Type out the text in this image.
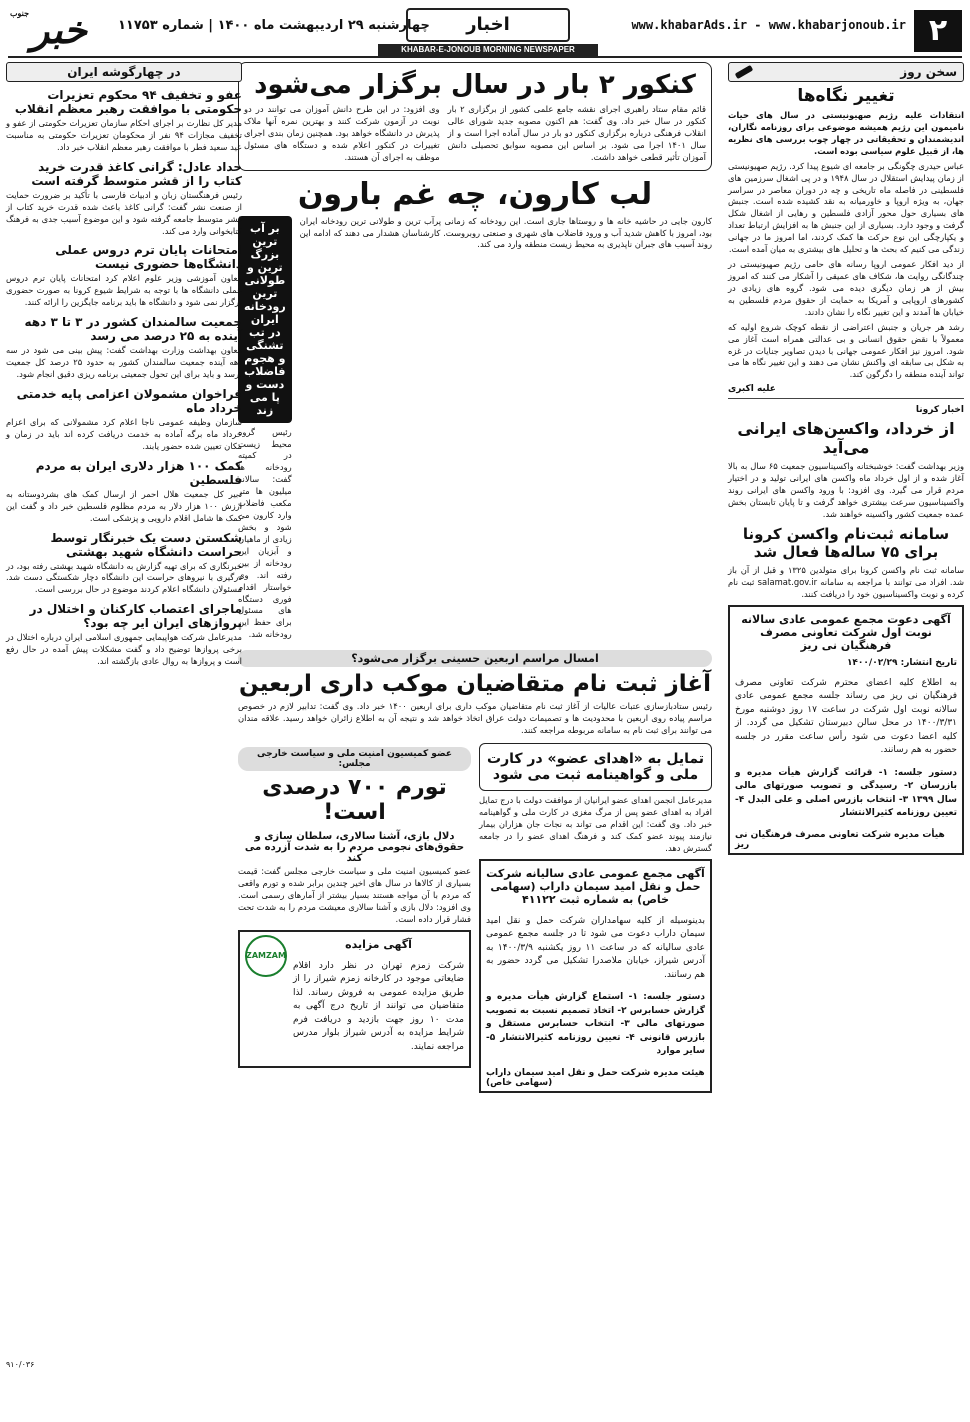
۲
www.khabarAds.ir - www.khabarjonoub.ir
اخبار
KHABAR-E-JONOUB MORNING NEWSPAPER
چهارشنبه ۲۹ اردیبهشت ماه ۱۴۰۰ | شماره ۱۱۷۵۳
خبر
جنوب
سخن روز
تغییر نگاه‌ها

انتقادات علیه رژیم صهیونیستی در سال های حیات نامیمون این رژیم همیشه موضوعی برای روزنامه نگاران، اندیشمندان و تحقیقاتی در چهار چوب بررسی های نظریه ها، از قبیل علوم سیاسی بوده است.

عباس حیدری چگونگی بر جامعه ای شیوع پیدا کرد. رژیم صهیونیستی از زمان پیدایش استقلال در سال ۱۹۴۸ و در پی اشغال سرزمین های فلسطینی در فاصله ماه تاریخی و چه در دوران معاصر در سراسر جهان، به ویژه اروپا و خاورمیانه به نقد کشیده شده است. جنبش های بسیاری حول محور آزادی فلسطین و رهایی از اشغال شکل گرفت و وجود دارد. بسیاری از این جنبش ها به افزایش ارتباط تعداد و یکپارچگی این نوع حرکت ها کمک کردند، اما امروز ما در جهانی زندگی می کنیم که بحث ها و تحلیل های بیشتری به میان آمده است.

از دید افکار عمومی اروپا رسانه های حامی رژیم صهیونیستی در چندگانگی روایت ها، شکاف های عمیقی را آشکار می کنند که امروز بیش از هر زمان دیگری دیده می شود. گروه های زیادی در کشورهای اروپایی و آمریکا به حمایت از حقوق مردم فلسطین به خیابان ها آمدند و این تغییر نگاه را نشان دادند.

رشد هر جریان و جنبش اعتراضی از نقطه کوچک شروع اولیه که معمولاً با نقض حقوق انسانی و بی عدالتی همراه است آغاز می شود. امروز نیز افکار عمومی جهانی با دیدن تصاویر جنایات در غزه به شکل بی سابقه ای واکنش نشان می دهند و این تغییر نگاه ها می تواند آینده منطقه را دگرگون کند.

علیه اکبری
اخبار کرونا
از خرداد، واکسن‌های ایرانی می‌آید

وزیر بهداشت گفت: خوشبختانه واکسیناسیون جمعیت ۶۵ سال به بالا آغاز شده و از اول خرداد ماه واکسن های ایرانی تولید و در اختیار مردم قرار می گیرد. وی افزود: با ورود واکسن های ایرانی روند واکسیناسیون سرعت بیشتری خواهد گرفت و تا پایان تابستان بخش عمده جمعیت کشور واکسینه خواهند شد.

سامانه ثبت‌نام واکسن کرونا برای ۷۵ ساله‌ها فعال شد

سامانه ثبت نام واکسن کرونا برای متولدین ۱۳۲۵ و قبل از آن باز شد. افراد می توانند با مراجعه به سامانه salamat.gov.ir ثبت نام کرده و نوبت واکسیناسیون خود را دریافت کنند.

آگهی دعوت مجمع عمومی عادی سالانه نوبت اول شرکت تعاونی مصرف فرهنگیان نی ریز
تاریخ انتشار: ۱۴۰۰/۰۲/۲۹

به اطلاع کلیه اعضای محترم شرکت تعاونی مصرف فرهنگیان نی ریز می رساند جلسه مجمع عمومی عادی سالانه نوبت اول شرکت در ساعت ۱۷ روز دوشنبه مورخ ۱۴۰۰/۳/۳۱ در محل سالن دبیرستان تشکیل می گردد. از کلیه اعضا دعوت می شود رأس ساعت مقرر در جلسه حضور به هم رسانند.

دستور جلسه: ۱- قرائت گزارش هیأت مدیره و بازرسان ۲- رسیدگی و تصویب صورتهای مالی سال ۱۳۹۹ ۳- انتخاب بازرس اصلی و علی البدل ۴- تعیین روزنامه کثیرالانتشار

هیأت مدیره شرکت تعاونی مصرف فرهنگیان نی ریز
کنکور ۲ بار در سال برگزار می‌شود

قائم مقام ستاد راهبری اجرای نقشه جامع علمی کشور از برگزاری ۲ بار کنکور در سال خبر داد. وی گفت: هم اکنون مصوبه جدید شورای عالی انقلاب فرهنگی درباره برگزاری کنکور دو بار در سال آماده اجرا است و از سال ۱۴۰۱ اجرا می شود. بر اساس این مصوبه سوابق تحصیلی دانش آموزان تأثیر قطعی خواهد داشت.

وی افزود: در این طرح دانش آموزان می توانند در دو نوبت در آزمون شرکت کنند و بهترین نمره آنها ملاک پذیرش در دانشگاه خواهد بود. همچنین زمان بندی اجرای تغییرات در کنکور اعلام شده و دستگاه های مسئول موظف به اجرای آن هستند.

لب کارون، چه غم بارون

کارون جایی در حاشیه خانه ها و روستاها جاری است. این رودخانه که زمانی پرآب ترین و طولانی ترین رودخانه ایران بود، امروز با کاهش شدید آب و ورود فاضلاب های شهری و صنعتی روبروست. کارشناسان هشدار می دهند که ادامه این روند آسیب های جبران ناپذیری به محیط زیست منطقه وارد می کند.

بر آب ترین بزرگ ترین و طولانی ترین رودخانه ایران در تب تشنگی و هجوم فاضلاب دست و پا می زند

رئیس گروه محیط زیست در کمیته رودخانه ها گفت: سالانه میلیون ها متر مکعب فاضلاب وارد کارون می شود و بخش زیادی از ماهیان و آبزیان این رودخانه از بین رفته اند. وی خواستار اقدام فوری دستگاه های مسئول برای حفظ این رودخانه شد.

امسال مراسم اربعین حسینی برگزار می‌شود؟
آغاز ثبت نام متقاضیان موکب داری اربعین

رئیس ستادبازسازی عتبات عالیات از آغاز ثبت نام متقاضیان موکب داری برای اربعین ۱۴۰۰ خبر داد. وی گفت: تدابیر لازم در خصوص مراسم پیاده روی اربعین با محدودیت ها و تصمیمات دولت عراق اتخاذ خواهد شد و نتیجه آن به اطلاع زائران خواهد رسید. علاقه مندان می توانند برای ثبت نام به سامانه مربوطه مراجعه کنند.

تمایل به «اهدای عضو» در کارت ملی و گواهینامه ثبت می شود

مدیرعامل انجمن اهدای عضو ایرانیان از موافقت دولت با درج تمایل افراد به اهدای عضو پس از مرگ مغزی در کارت ملی و گواهینامه خبر داد. وی گفت: این اقدام می تواند به نجات جان هزاران بیمار نیازمند پیوند عضو کمک کند و فرهنگ اهدای عضو را در جامعه گسترش دهد.

آگهی مجمع عمومی عادی سالیانه شرکت حمل و نقل امید سیمان داراب (سهامی خاص) به شماره ثبت ۴۱۱۲۲

بدینوسیله از کلیه سهامداران شرکت حمل و نقل امید سیمان داراب دعوت می شود تا در جلسه مجمع عمومی عادی سالیانه که در ساعت ۱۱ روز یکشنبه ۱۴۰۰/۳/۹ به آدرس شیراز، خیابان ملاصدرا تشکیل می گردد حضور به هم رسانند.

دستور جلسه: ۱- استماع گزارش هیأت مدیره و گزارش حسابرس ۲- اتخاذ تصمیم نسبت به تصویب صورتهای مالی ۳- انتخاب حسابرس مستقل و بازرس قانونی ۴- تعیین روزنامه کثیرالانتشار ۵- سایر موارد

هیئت مدیره شرکت حمل و نقل امید سیمان داراب (سهامی خاص)
عضو کمیسیون امنیت ملی و سیاست خارجی مجلس:
تورم ۷۰۰ درصدی است!
دلال بازی، آشنا سالاری، سلطان سازی و حقوق‌های نجومی مردم را به شدت آزرده می کند

عضو کمیسیون امنیت ملی و سیاست خارجی مجلس گفت: قیمت بسیاری از کالاها در سال های اخیر چندین برابر شده و تورم واقعی که مردم با آن مواجه هستند بسیار بیشتر از آمارهای رسمی است. وی افزود: دلال بازی و آشنا سالاری معیشت مردم را به شدت تحت فشار قرار داده است.

آگهی مزایده

شرکت زمزم تهران در نظر دارد اقلام ضایعاتی موجود در کارخانه زمزم شیراز را از طریق مزایده عمومی به فروش رساند. لذا متقاضیان می توانند از تاریخ درج آگهی به مدت ۱۰ روز جهت بازدید و دریافت فرم شرایط مزایده به آدرس شیراز بلوار مدرس مراجعه نمایند.

ZAMZAM
در چهارگوشه ایران
عفو و تخفیف ۹۴ محکوم تعزیرات حکومتی با موافقت رهبر معظم انقلاب

مدیر کل نظارت بر اجرای احکام سازمان تعزیرات حکومتی از عفو و تخفیف مجازات ۹۴ نفر از محکومان تعزیرات حکومتی به مناسبت عید سعید فطر با موافقت رهبر معظم انقلاب خبر داد.

حداد عادل: گرانی کاغذ قدرت خرید کتاب را از قشر متوسط گرفته است

رئیس فرهنگستان زبان و ادبیات فارسی با تأکید بر ضرورت حمایت از صنعت نشر گفت: گرانی کاغذ باعث شده قدرت خرید کتاب از قشر متوسط جامعه گرفته شود و این موضوع آسیب جدی به فرهنگ کتابخوانی وارد می کند.

امتحانات پایان ترم دروس عملی دانشگاه‌ها حضوری نیست

معاون آموزشی وزیر علوم اعلام کرد امتحانات پایان ترم دروس عملی دانشگاه ها با توجه به شرایط شیوع کرونا به صورت حضوری برگزار نمی شود و دانشگاه ها باید برنامه جایگزین را ارائه کنند.

جمعیت سالمندان کشور در ۳ تا ۳ دهه آینده به ۲۵ درصد می رسد

معاون بهداشت وزارت بهداشت گفت: پیش بینی می شود در سه دهه آینده جمعیت سالمندان کشور به حدود ۲۵ درصد کل جمعیت برسد و باید برای این تحول جمعیتی برنامه ریزی دقیق انجام شود.

فراخوان مشمولان اعزامی پایه خدمتی خرداد ماه

سازمان وظیفه عمومی ناجا اعلام کرد مشمولانی که برای اعزام خرداد ماه برگه آماده به خدمت دریافت کرده اند باید در زمان و مکان تعیین شده حضور یابند.

کمک ۱۰۰ هزار دلاری ایران به مردم فلسطین

دبیر کل جمعیت هلال احمر از ارسال کمک های بشردوستانه به ارزش ۱۰۰ هزار دلار به مردم مظلوم فلسطین خبر داد و گفت این کمک ها شامل اقلام دارویی و پزشکی است.

شکستن دست یک خبرنگار توسط حراست دانشگاه شهید بهشتی

خبرنگاری که برای تهیه گزارش به دانشگاه شهید بهشتی رفته بود، در درگیری با نیروهای حراست این دانشگاه دچار شکستگی دست شد. مسئولان دانشگاه اعلام کردند موضوع در حال بررسی است.

ماجرای اعتصاب کارکنان و اختلال در پروازهای ایران ایر چه بود؟

مدیرعامل شرکت هواپیمایی جمهوری اسلامی ایران درباره اختلال در برخی پروازها توضیح داد و گفت مشکلات پیش آمده در حال رفع است و پروازها به روال عادی بازگشته اند.

۹۱۰/۰۳۶
